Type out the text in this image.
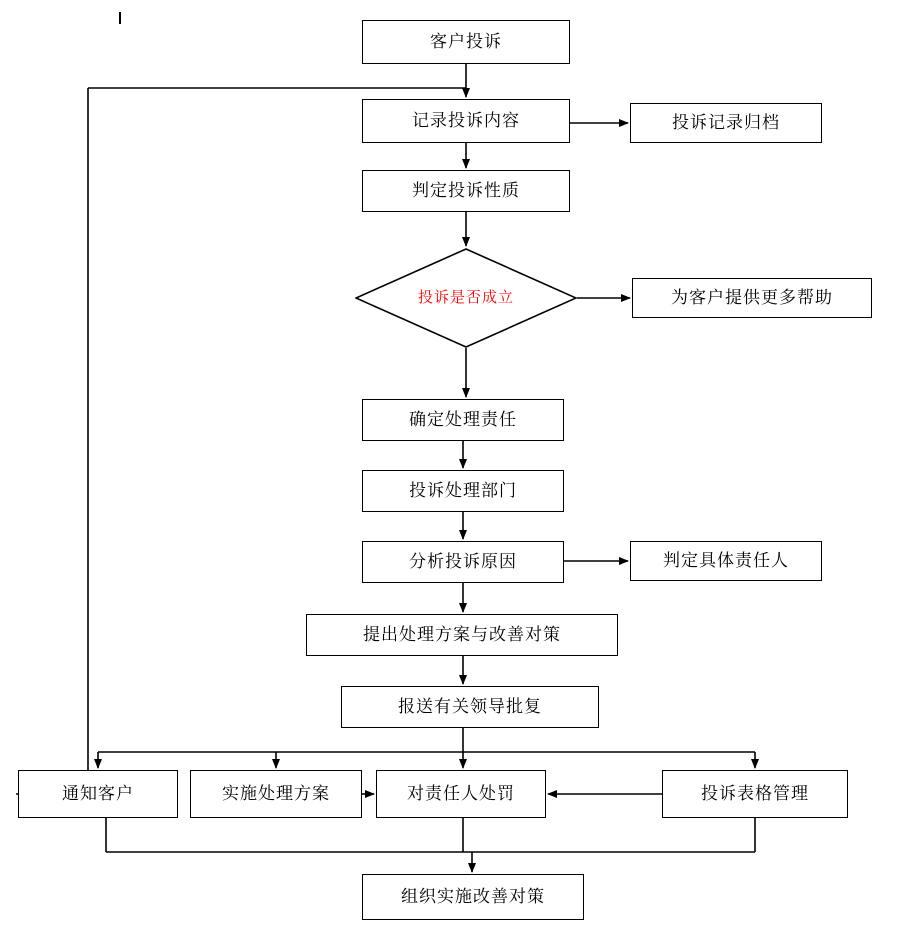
客户投诉
记录投诉内容	投诉记录归档
判定投诉性质
投诉是否成立	为客户提供更多帮助
确定处理责任
投诉处理部门
分析投诉原因	判定具体责任人
提出处理方案与改善对策
报送有关领导批复
通知客户	实施处理方案	对责任人处罚	投诉表格管理
组织实施改善对策
